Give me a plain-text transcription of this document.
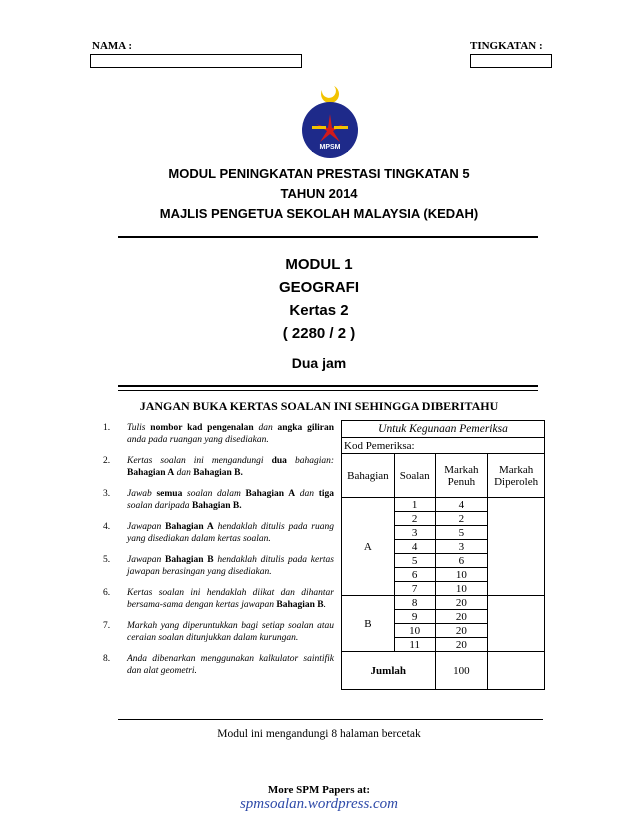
NAMA :	TINGKATAN :
MPSM
MODUL PENINGKATAN PRESTASI TINGKATAN 5
TAHUN 2014
MAJLIS PENGETUA SEKOLAH MALAYSIA (KEDAH)
MODUL 1
GEOGRAFI
Kertas 2
( 2280 / 2 )
Dua jam
JANGAN BUKA KERTAS SOALAN INI SEHINGGA DIBERITAHU
1. Tulis nombor kad pengenalan dan angka giliran anda pada ruangan yang disediakan.
2. Kertas soalan ini mengandungi dua bahagian: Bahagian A dan Bahagian B.
3. Jawab semua soalan dalam Bahagian A dan tiga soalan daripada Bahagian B.
4. Jawapan Bahagian A hendaklah ditulis pada ruang yang disediakan dalam kertas soalan.
5. Jawapan Bahagian B hendaklah ditulis pada kertas jawapan berasingan yang disediakan.
6. Kertas soalan ini hendaklah diikat dan dihantar bersama-sama dengan kertas jawapan Bahagian B.
7. Markah yang diperuntukkan bagi setiap soalan atau ceraian soalan ditunjukkan dalam kurungan.
8. Anda dibenarkan menggunakan kalkulator saintifik dan alat geometri.
Untuk Kegunaan Pemeriksa			
Kod Pemeriksa:			
Bahagian	Soalan	Markah Penuh	Markah Diperoleh
A	1	4	
	2	2	
	3	5	
	4	3	
	5	6	
	6	10	
	7	10	
B	8	20	
	9	20	
	10	20	
	11	20	
Jumlah		100	
Modul ini mengandungi 8 halaman bercetak
More SPM Papers at:
spmsoalan.wordpress.com
